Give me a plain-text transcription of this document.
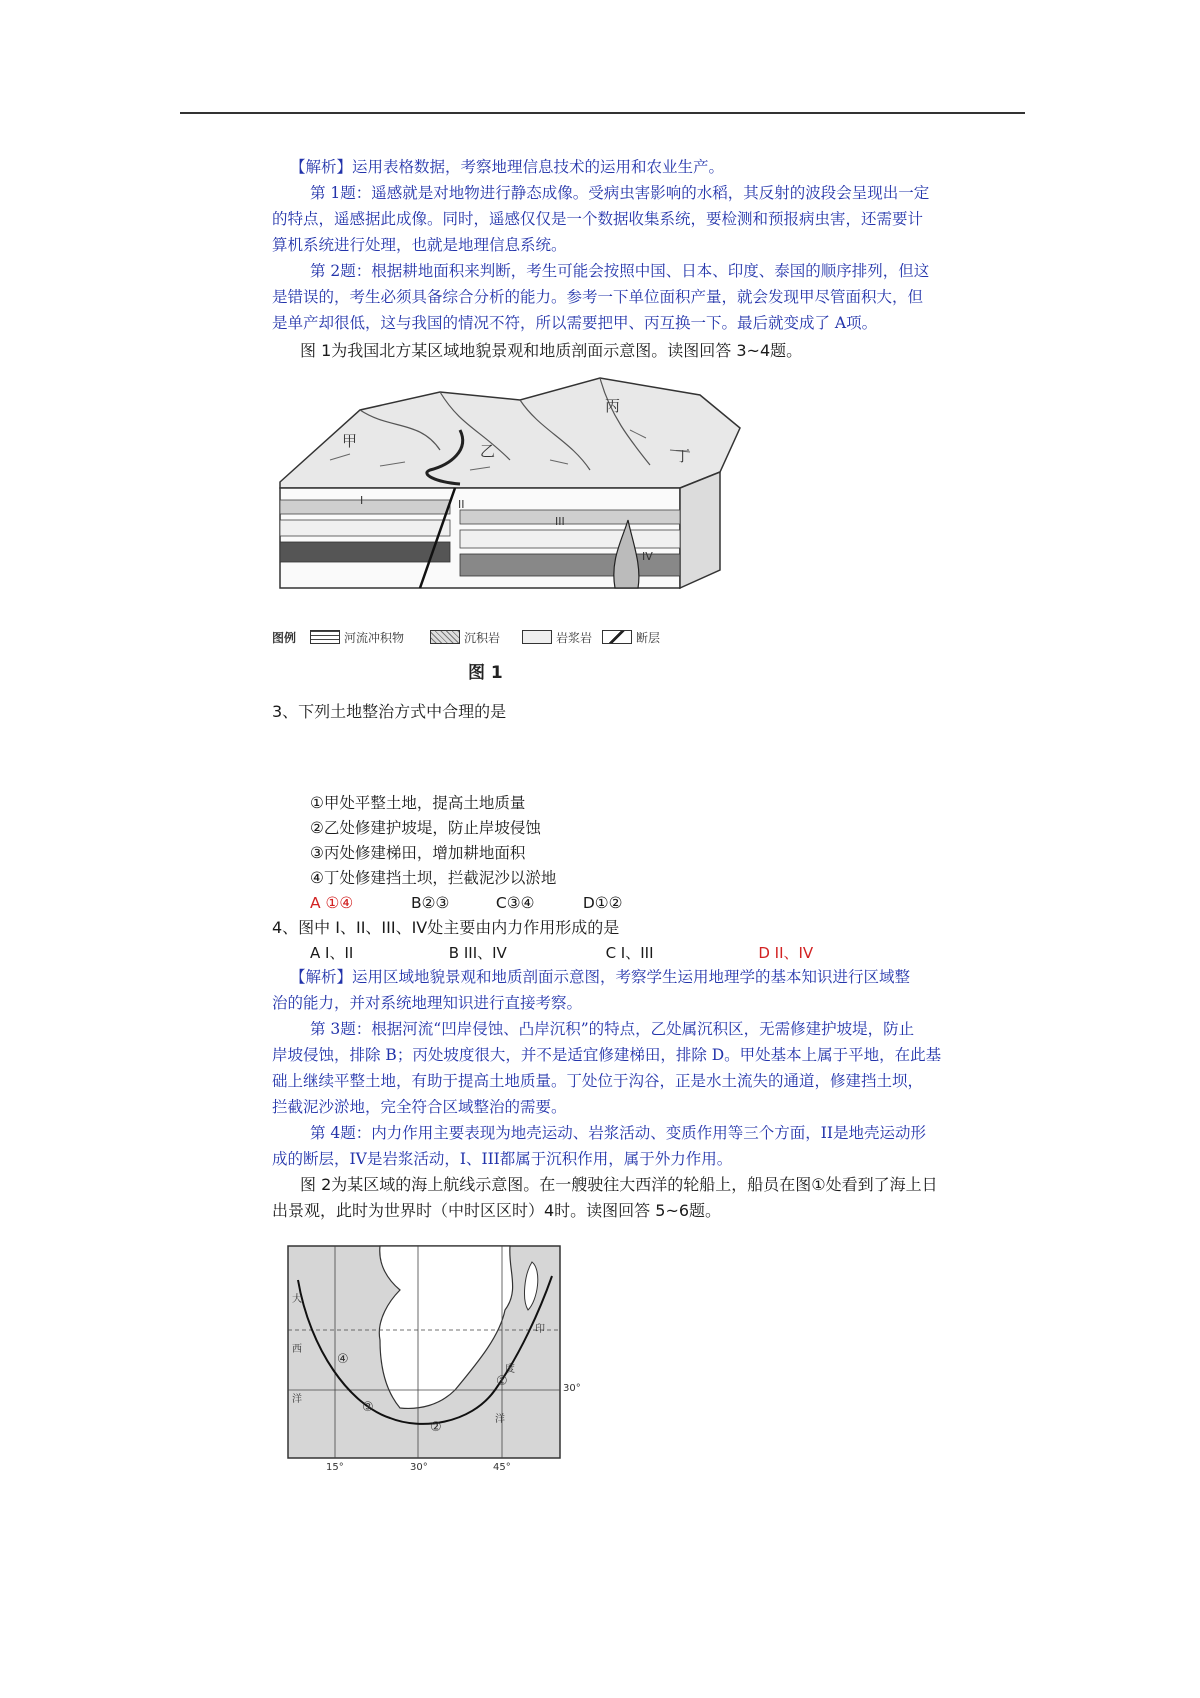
【解析】运用表格数据，考察地理信息技术的运用和农业生产。
第 1题：遥感就是对地物进行静态成像。受病虫害影响的水稻，其反射的波段会呈现出一定
的特点，遥感据此成像。同时，遥感仅仅是一个数据收集系统，要检测和预报病虫害，还需要计
算机系统进行处理，也就是地理信息系统。
第 2题：根据耕地面积来判断，考生可能会按照中国、日本、印度、泰国的顺序排列，但这
是错误的，考生必须具备综合分析的能力。参考一下单位面积产量，就会发现甲尽管面积大，但
是单产却很低，这与我国的情况不符，所以需要把甲、丙互换一下。最后就变成了 A项。
图 1为我国北方某区域地貌景观和地质剖面示意图。读图回答 3~4题。
甲
乙
丙
丁
I	II
III
IV
图例	河流冲积物	沉积岩	岩浆岩	断层
图 1
3、下列土地整治方式中合理的是
①甲处平整土地，提高土地质量
②乙处修建护坡堤，防止岸坡侵蚀
③丙处修建梯田，增加耕地面积
④丁处修建挡土坝，拦截泥沙以淤地
A ①④	B②③	C③④	D①②
4、图中 I、II、III、IV处主要由内力作用形成的是
A I、II	B III、IV	C I、III	D II、IV
【解析】运用区域地貌景观和地质剖面示意图，考察学生运用地理学的基本知识进行区域整
治的能力，并对系统地理知识进行直接考察。
第 3题：根据河流“凹岸侵蚀、凸岸沉积”的特点，乙处属沉积区，无需修建护坡堤，防止
岸坡侵蚀，排除 B；丙处坡度很大，并不是适宜修建梯田，排除 D。甲处基本上属于平地，在此基
础上继续平整土地，有助于提高土地质量。丁处位于沟谷，正是水土流失的通道，修建挡土坝，
拦截泥沙淤地，完全符合区域整治的需要。
第 4题：内力作用主要表现为地壳运动、岩浆活动、变质作用等三个方面，II是地壳运动形
成的断层，IV是岩浆活动，I、III都属于沉积作用，属于外力作用。
图 2为某区域的海上航线示意图。在一艘驶往大西洋的轮船上，船员在图①处看到了海上日
出景观，此时为世界时（中时区区时）4时。读图回答 5~6题。
大
西
洋
印
度
洋
①
②
③
④
15°	30°	45°
30°
